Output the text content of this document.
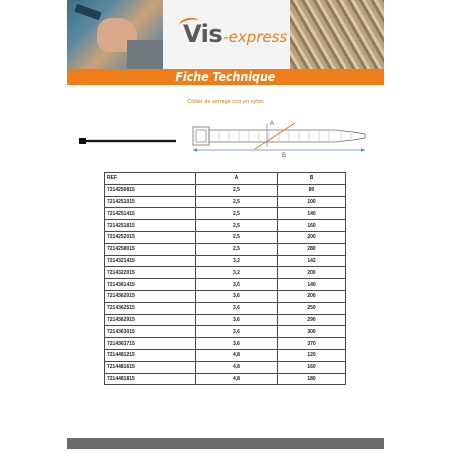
Vis -express
Fiche Technique
Collier de serrage noir en nylon
A
B
REF	A	B
7214250815	2,5	80
7214251015	2,5	100
7214251415	2,5	140
7214251815	2,5	160
7214252015	2,5	200
7214258015	2,5	280
7214321415	3,2	142
7214322015	3,2	200
7214361415	3,6	140
7214362015	3,6	200
7214362515	3,6	250
7214362915	3,6	290
7214363015	3,6	300
7214363715	3,6	370
7214481215	4,8	120
7214481615	4,8	160
7214481815	4,8	180
